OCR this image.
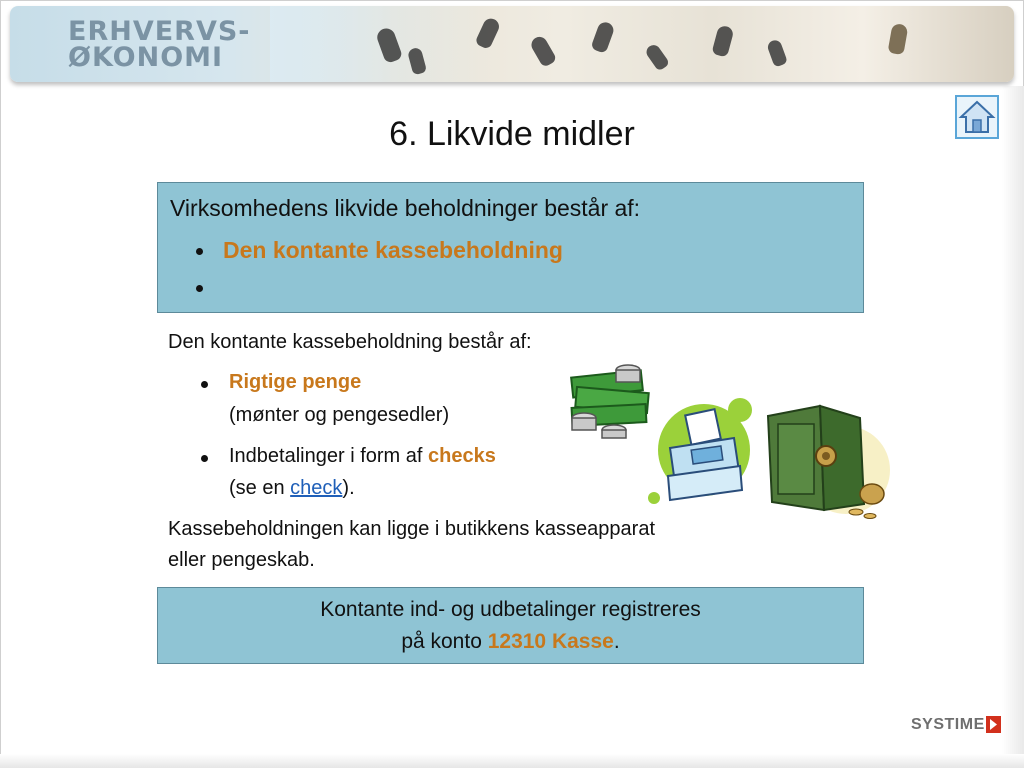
ERHVERVS-
ØKONOMI
6. Likvide midler
Virksomhedens likvide beholdninger består af:
Den kontante kassebeholdning
Den kontante kassebeholdning består af:
Rigtige penge
(mønter og pengesedler)
Indbetalinger i form af checks
(se en check).
Kassebeholdningen kan ligge i butikkens kasseapparat
eller pengeskab.
Kontante ind- og udbetalinger registreres
på konto 12310 Kasse.
SYSTIME
